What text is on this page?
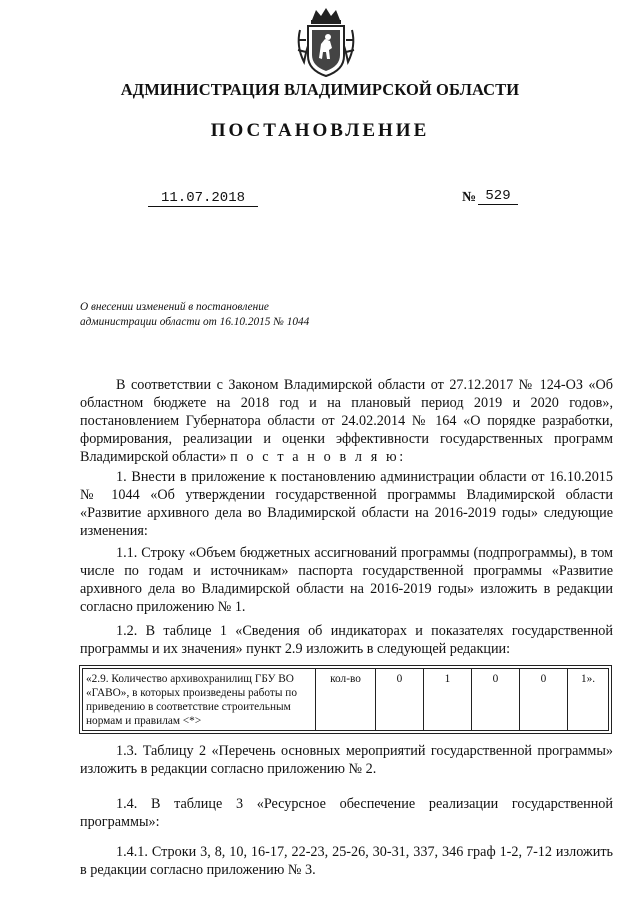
АДМИНИСТРАЦИЯ ВЛАДИМИРСКОЙ ОБЛАСТИ
ПОСТАНОВЛЕНИЕ
11.07.2018	№ 529
О внесении изменений в постановление
администрации области от 16.10.2015 № 1044

В соответствии с Законом Владимирской области от 27.12.2017 № 124-ОЗ «Об областном бюджете на 2018 год и на плановый период 2019 и 2020 годов», постановлением Губернатора области от 24.02.2014 № 164 «О порядке разработки, формирования, реализации и оценки эффективности государственных программ Владимирской области» п о с т а н о в л я ю:

1. Внести в приложение к постановлению администрации области от 16.10.2015 № 1044 «Об утверждении государственной программы Владимирской области «Развитие архивного дела во Владимирской области на 2016-2019 годы» следующие изменения:

1.1. Строку «Объем бюджетных ассигнований программы (подпрограммы), в том числе по годам и источникам» паспорта государственной программы «Развитие архивного дела во Владимирской области на 2016-2019 годы» изложить в редакции согласно приложению № 1.

1.2. В таблице 1 «Сведения об индикаторах и показателях государственной программы и их значения» пункт 2.9 изложить в следующей редакции:

«2.9. Количество архивохранилищ ГБУ ВО «ГАВО», в которых произведены работы по приведению в соответствие строительным нормам и правилам <*>
кол-во	0	1	0	0	1».

1.3. Таблицу 2 «Перечень основных мероприятий государственной программы» изложить в редакции согласно приложению № 2.

1.4. В таблице 3 «Ресурсное обеспечение реализации государственной программы»:

1.4.1. Строки 3, 8, 10, 16-17, 22-23, 25-26, 30-31, 337, 346 граф 1-2, 7-12 изложить в редакции согласно приложению № 3.
